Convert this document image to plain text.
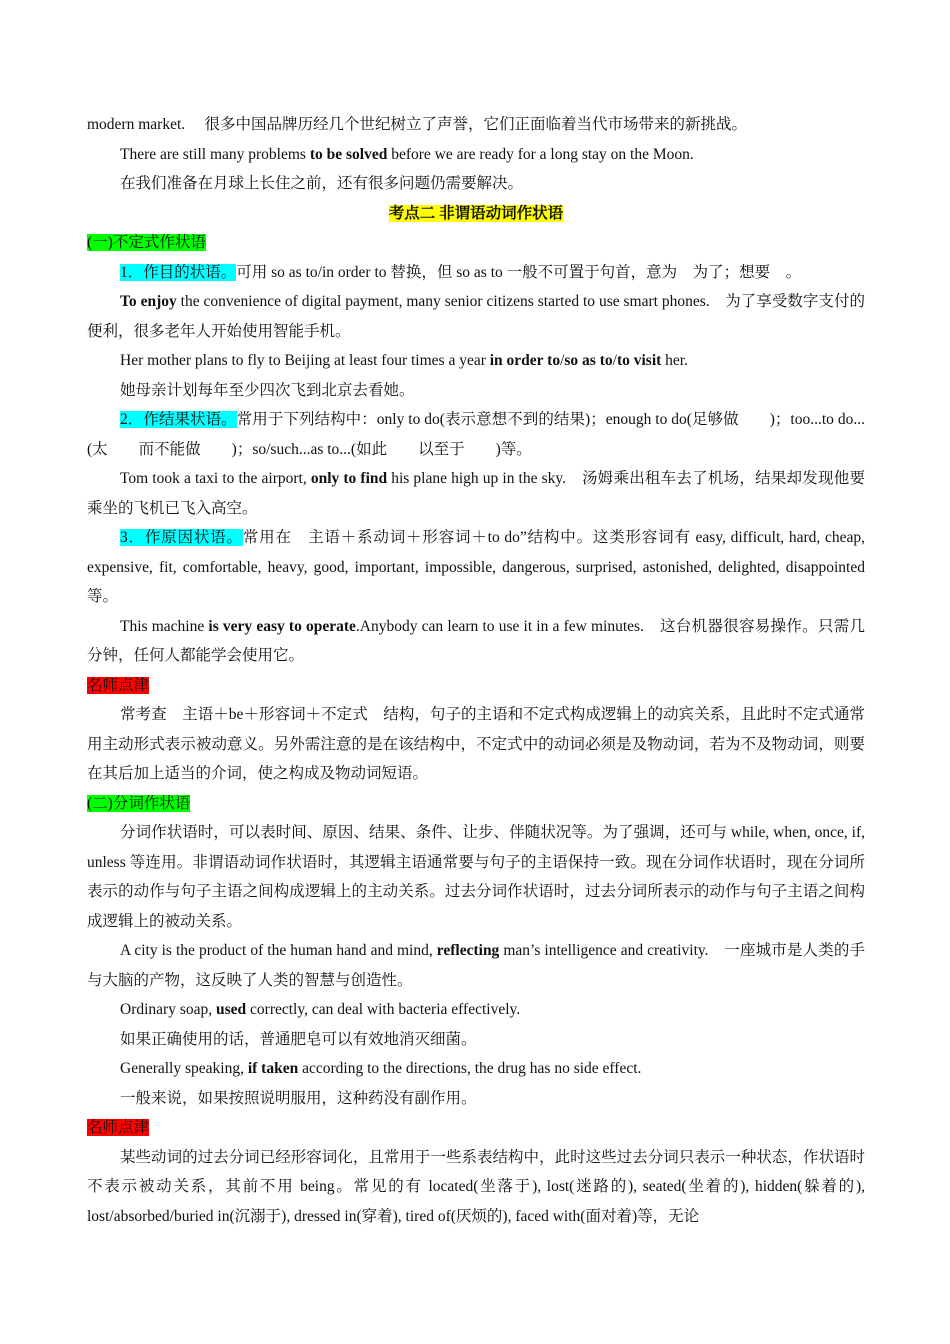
modern market.　 很多中国品牌历经几个世纪树立了声誉，它们正面临着当代市场带来的新挑战。

There are still many problems to be solved before we are ready for a long stay on the Moon.

在我们准备在月球上长住之前，还有很多问题仍需要解决。

考点二 非谓语动词作状语

(一)不定式作状语

1．作目的状语。可用 so as to/in order to 替换，但 so as to 一般不可置于句首，意为　为了；想要　。

To enjoy the convenience of digital payment, many senior citizens started to use smart phones.　为了享受数字支付的便利，很多老年人开始使用智能手机。

Her mother plans to fly to Beijing at least four times a year in order to/so as to/to visit her.

她母亲计划每年至少四次飞到北京去看她。

2．作结果状语。常用于下列结构中：only to do(表示意想不到的结果)；enough to do(足够做　　)；too...to do...(太　　而不能做　　)；so/such...as to...(如此　　以至于　　)等。

Tom took a taxi to the airport, only to find his plane high up in the sky.　汤姆乘出租车去了机场，结果却发现他要乘坐的飞机已飞入高空。

3．作原因状语。常用在　主语＋系动词＋形容词＋to do”结构中。这类形容词有 easy, difficult, hard, cheap, expensive, fit, comfortable, heavy, good, important, impossible, dangerous, surprised, astonished, delighted, disappointed 等。

This machine is very easy to operate.Anybody can learn to use it in a few minutes.　这台机器很容易操作。只需几分钟，任何人都能学会使用它。

名师点津

常考查　主语＋be＋形容词＋不定式　结构，句子的主语和不定式构成逻辑上的动宾关系，且此时不定式通常用主动形式表示被动意义。另外需注意的是在该结构中，不定式中的动词必须是及物动词，若为不及物动词，则要在其后加上适当的介词，使之构成及物动词短语。

(二)分词作状语

分词作状语时，可以表时间、原因、结果、条件、让步、伴随状况等。为了强调，还可与 while, when, once, if, unless 等连用。非谓语动词作状语时，其逻辑主语通常要与句子的主语保持一致。现在分词作状语时，现在分词所表示的动作与句子主语之间构成逻辑上的主动关系。过去分词作状语时，过去分词所表示的动作与句子主语之间构成逻辑上的被动关系。

A city is the product of the human hand and mind, reflecting man’s intelligence and creativity.　一座城市是人类的手与大脑的产物，这反映了人类的智慧与创造性。

Ordinary soap, used correctly, can deal with bacteria effectively.

如果正确使用的话，普通肥皂可以有效地消灭细菌。

Generally speaking, if taken according to the directions, the drug has no side effect.

一般来说，如果按照说明服用，这种药没有副作用。

名师点津

某些动词的过去分词已经形容词化，且常用于一些系表结构中，此时这些过去分词只表示一种状态，作状语时不表示被动关系，其前不用 being。常见的有 located(坐落于), lost(迷路的), seated(坐着的), hidden(躲着的), lost/absorbed/buried in(沉溺于), dressed in(穿着), tired of(厌烦的), faced with(面对着)等，无论
